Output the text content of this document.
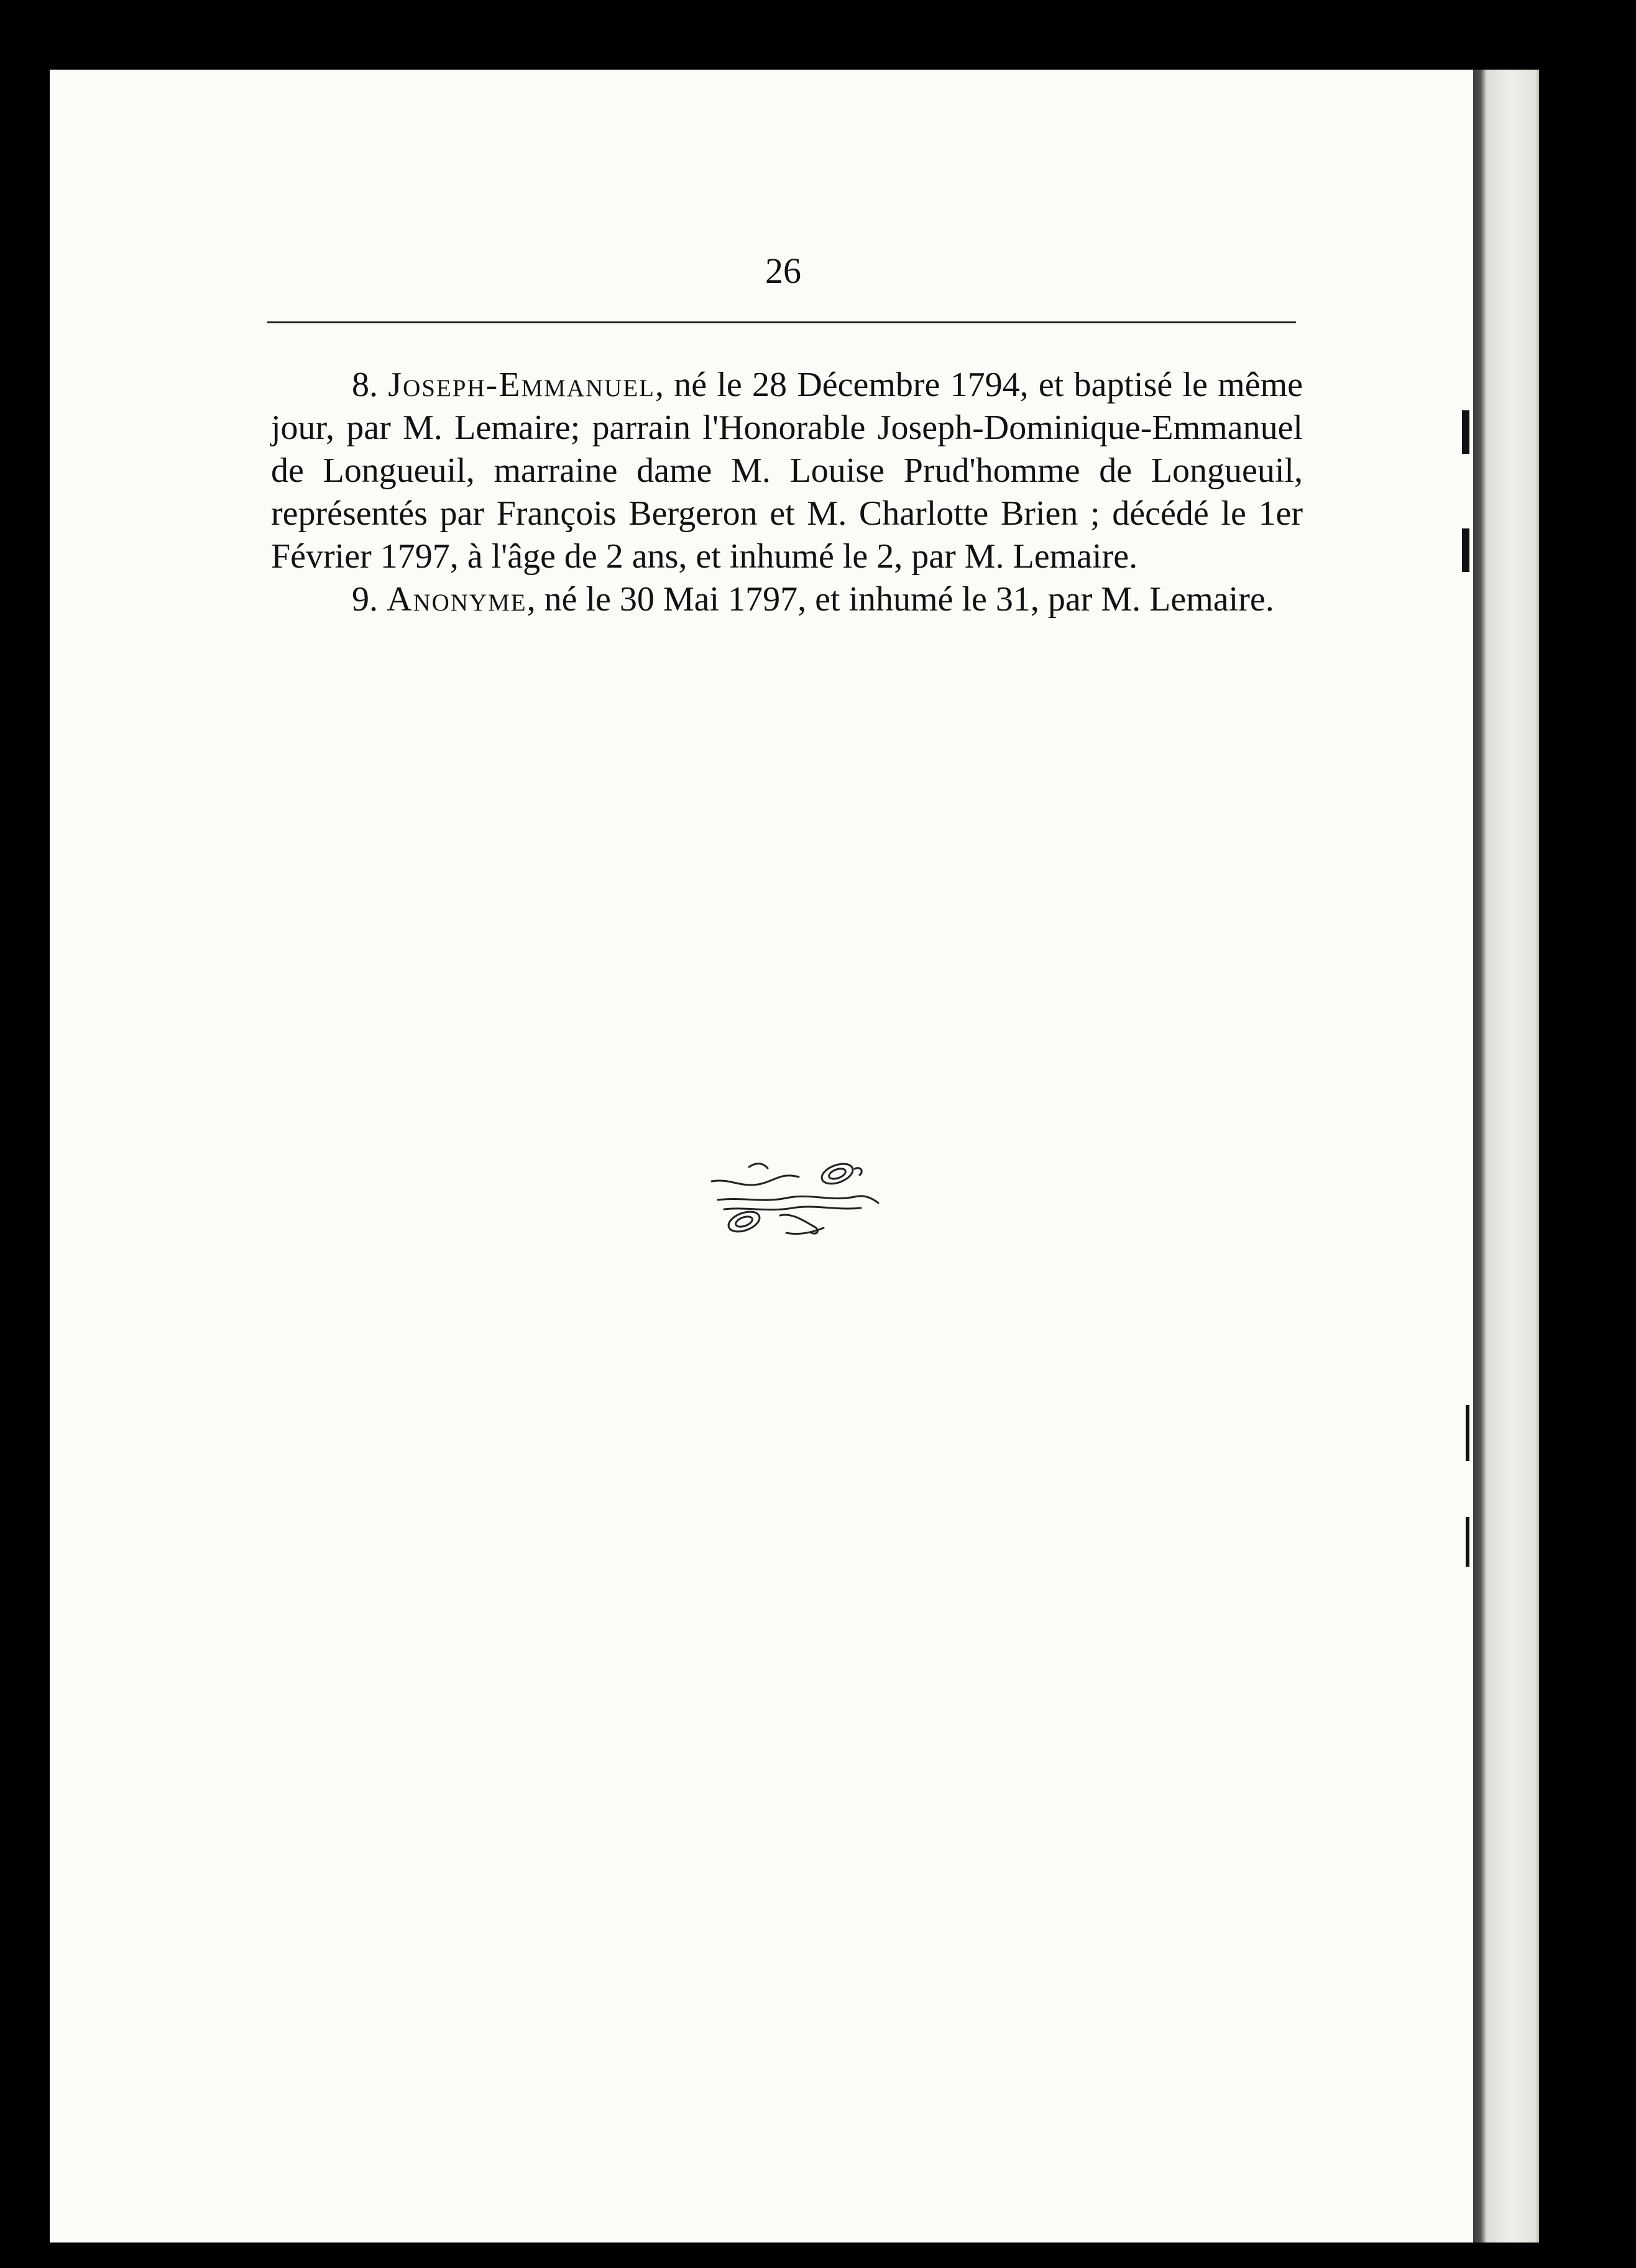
26

8. Joseph-Emmanuel, né le 28 Décembre 1794, et baptisé le même jour, par M. Lemaire; parrain l'Honorable Joseph-Dominique-Emmanuel de Longueuil, marraine dame M. Louise Prud'homme de Longueuil, représentés par François Bergeron et M. Charlotte Brien ; décédé le 1er Février 1797, à l'âge de 2 ans, et inhumé le 2, par M. Lemaire.

9. Anonyme, né le 30 Mai 1797, et inhumé le 31, par M. Lemaire.
